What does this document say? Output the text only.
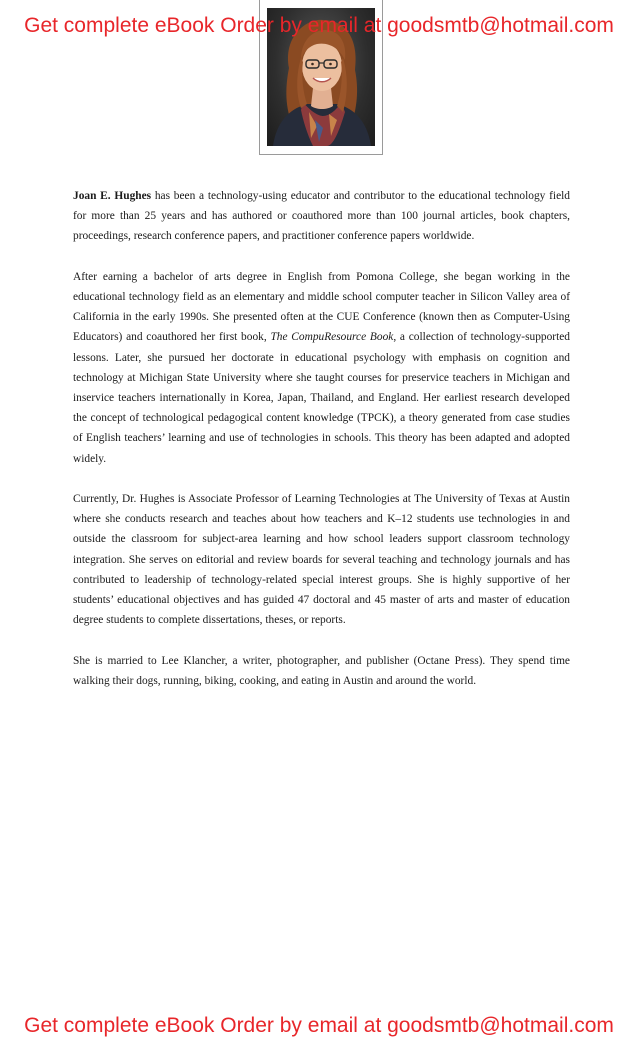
Get complete eBook Order by email at goodsmtb@hotmail.com

Joan E. Hughes has been a technology-using educator and contributor to the educational technology field for more than 25 years and has authored or coauthored more than 100 journal articles, book chapters, proceedings, research conference papers, and practitioner conference papers worldwide.

After earning a bachelor of arts degree in English from Pomona College, she began working in the educational technology field as an elementary and middle school computer teacher in Silicon Valley area of California in the early 1990s. She presented often at the CUE Conference (known then as Computer-Using Educators) and coauthored her first book, The CompuResource Book, a collection of technology-supported lessons. Later, she pursued her doctorate in educational psychology with emphasis on cognition and technology at Michigan State University where she taught courses for preservice teachers in Michigan and inservice teachers internationally in Korea, Japan, Thailand, and England. Her earliest research developed the concept of technological pedagogical content knowledge (TPCK), a theory generated from case studies of English teachers’ learning and use of technologies in schools. This theory has been adapted and adopted widely.

Currently, Dr. Hughes is Associate Professor of Learning Technologies at The University of Texas at Austin where she conducts research and teaches about how teachers and K–12 students use technologies in and outside the classroom for subject-area learning and how school leaders support classroom technology integration. She serves on editorial and review boards for several teaching and technology journals and has contributed to leadership of technology-related special interest groups. She is highly supportive of her students’ educational objectives and has guided 47 doctoral and 45 master of arts and master of education degree students to complete dissertations, theses, or reports.

She is married to Lee Klancher, a writer, photographer, and publisher (Octane Press). They spend time walking their dogs, running, biking, cooking, and eating in Austin and around the world.

Get complete eBook Order by email at goodsmtb@hotmail.com
